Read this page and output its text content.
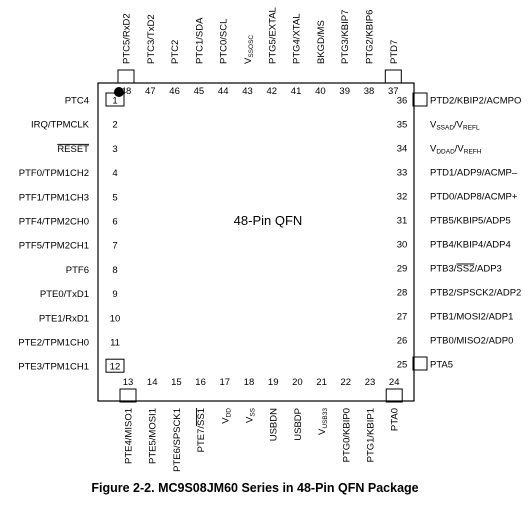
48-Pin QFN
Figure 2-2. MC9S08JM60 Series in 48-Pin QFN Package
1
PTC4
2
IRQ/TPMCLK
3
RESET
4
PTF0/TPM1CH2
5
PTF1/TPM1CH3
6
PTF4/TPM2CH0
7
PTF5/TPM2CH1
8
PTF6
9
PTE0/TxD1
10
PTE1/RxD1
11
PTE2/TPM1CH0
12
PTE3/TPM1CH1
36 PTD2/KBIP2/ACMPO
35 $V_{SSAD}/V_{REFL}$
34 $V_{DDAD}/V_{REFH}$
33 PTD1/ADP9/ACMP–
32 PTD0/ADP8/ACMP+
31 PTB5/KBIP5/ADP5
30 PTB4/KBIP4/ADP4
29 PTB3/SS2/ADP3
28 PTB2/SPSCK2/ADP2
27 PTB1/MOSI2/ADP1
26 PTB0/MISO2/ADP0
25 PTA5
48
PTC5/RxD2
47
PTC3/TxD2
46
PTC2
45
PTC1/SDA
44
PTC0/SCL
43
$V_{SSOSC}$
42
PTG5/EXTAL
41
PTG4/XTAL
40
BKGD/MS
39
PTG3/KBIP7
38
PTG2/KBIP6
37
PTD7
13
PTE4/MISO1
14
PTE5/MOSI1
15
PTE6/SPSCK1
16
PTE7/SS1
17
$V_{DD}$
18
$V_{SS}$
19
USBDN
20
USBDP
21
$V_{USB33}$
22
PTG0/KBIP0
23
PTG1/KBIP1
24
PTA0
